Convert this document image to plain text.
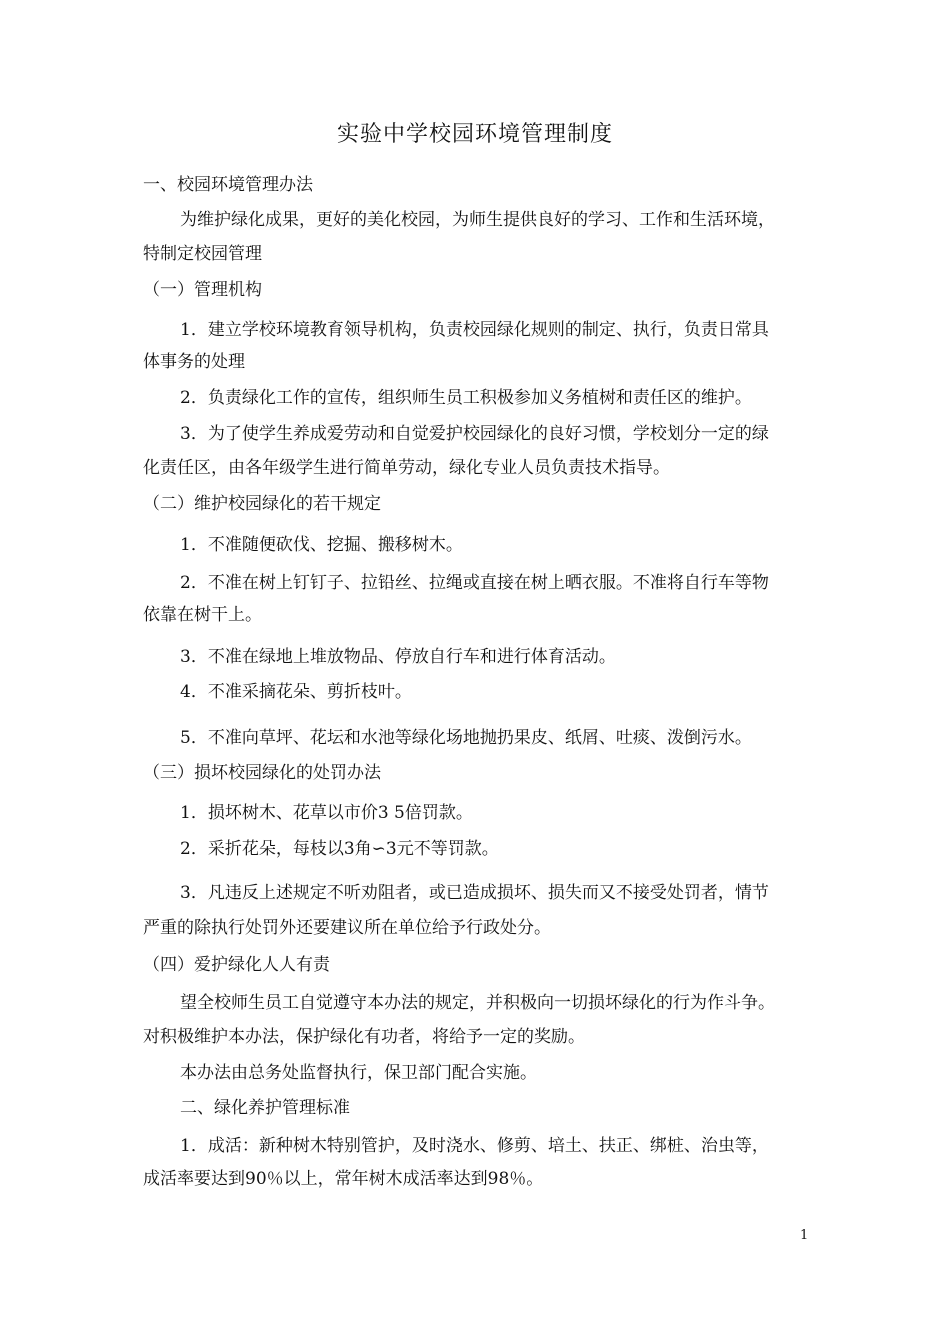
实验中学校园环境管理制度
一、校园环境管理办法
为维护绿化成果，更好的美化校园，为师生提供良好的学习、工作和生活环境，
特制定校园管理
（一）管理机构
1．建立学校环境教育领导机构，负责校园绿化规则的制定、执行，负责日常具
体事务的处理
2．负责绿化工作的宣传，组织师生员工积极参加义务植树和责任区的维护。
3．为了使学生养成爱劳动和自觉爱护校园绿化的良好习惯，学校划分一定的绿
化责任区，由各年级学生进行简单劳动，绿化专业人员负责技术指导。
（二）维护校园绿化的若干规定
1．不准随便砍伐、挖掘、搬移树木。
2．不准在树上钉钉子、拉铅丝、拉绳或直接在树上晒衣服。不准将自行车等物
依靠在树干上。
3．不准在绿地上堆放物品、停放自行车和进行体育活动。
4．不准采摘花朵、剪折枝叶。
5．不准向草坪、花坛和水池等绿化场地抛扔果皮、纸屑、吐痰、泼倒污水。
（三）损坏校园绿化的处罚办法
1．损坏树木、花草以市价3 5倍罚款。
2．采折花朵，每枝以3角∽3元不等罚款。
3．凡违反上述规定不听劝阻者，或已造成损坏、损失而又不接受处罚者，情节
严重的除执行处罚外还要建议所在单位给予行政处分。
（四）爱护绿化人人有责
望全校师生员工自觉遵守本办法的规定，并积极向一切损坏绿化的行为作斗争。
对积极维护本办法，保护绿化有功者，将给予一定的奖励。
本办法由总务处监督执行，保卫部门配合实施。
二、绿化养护管理标准
1．成活：新种树木特别管护，及时浇水、修剪、培土、扶正、绑桩、治虫等，
成活率要达到90％以上，常年树木成活率达到98％。
1
